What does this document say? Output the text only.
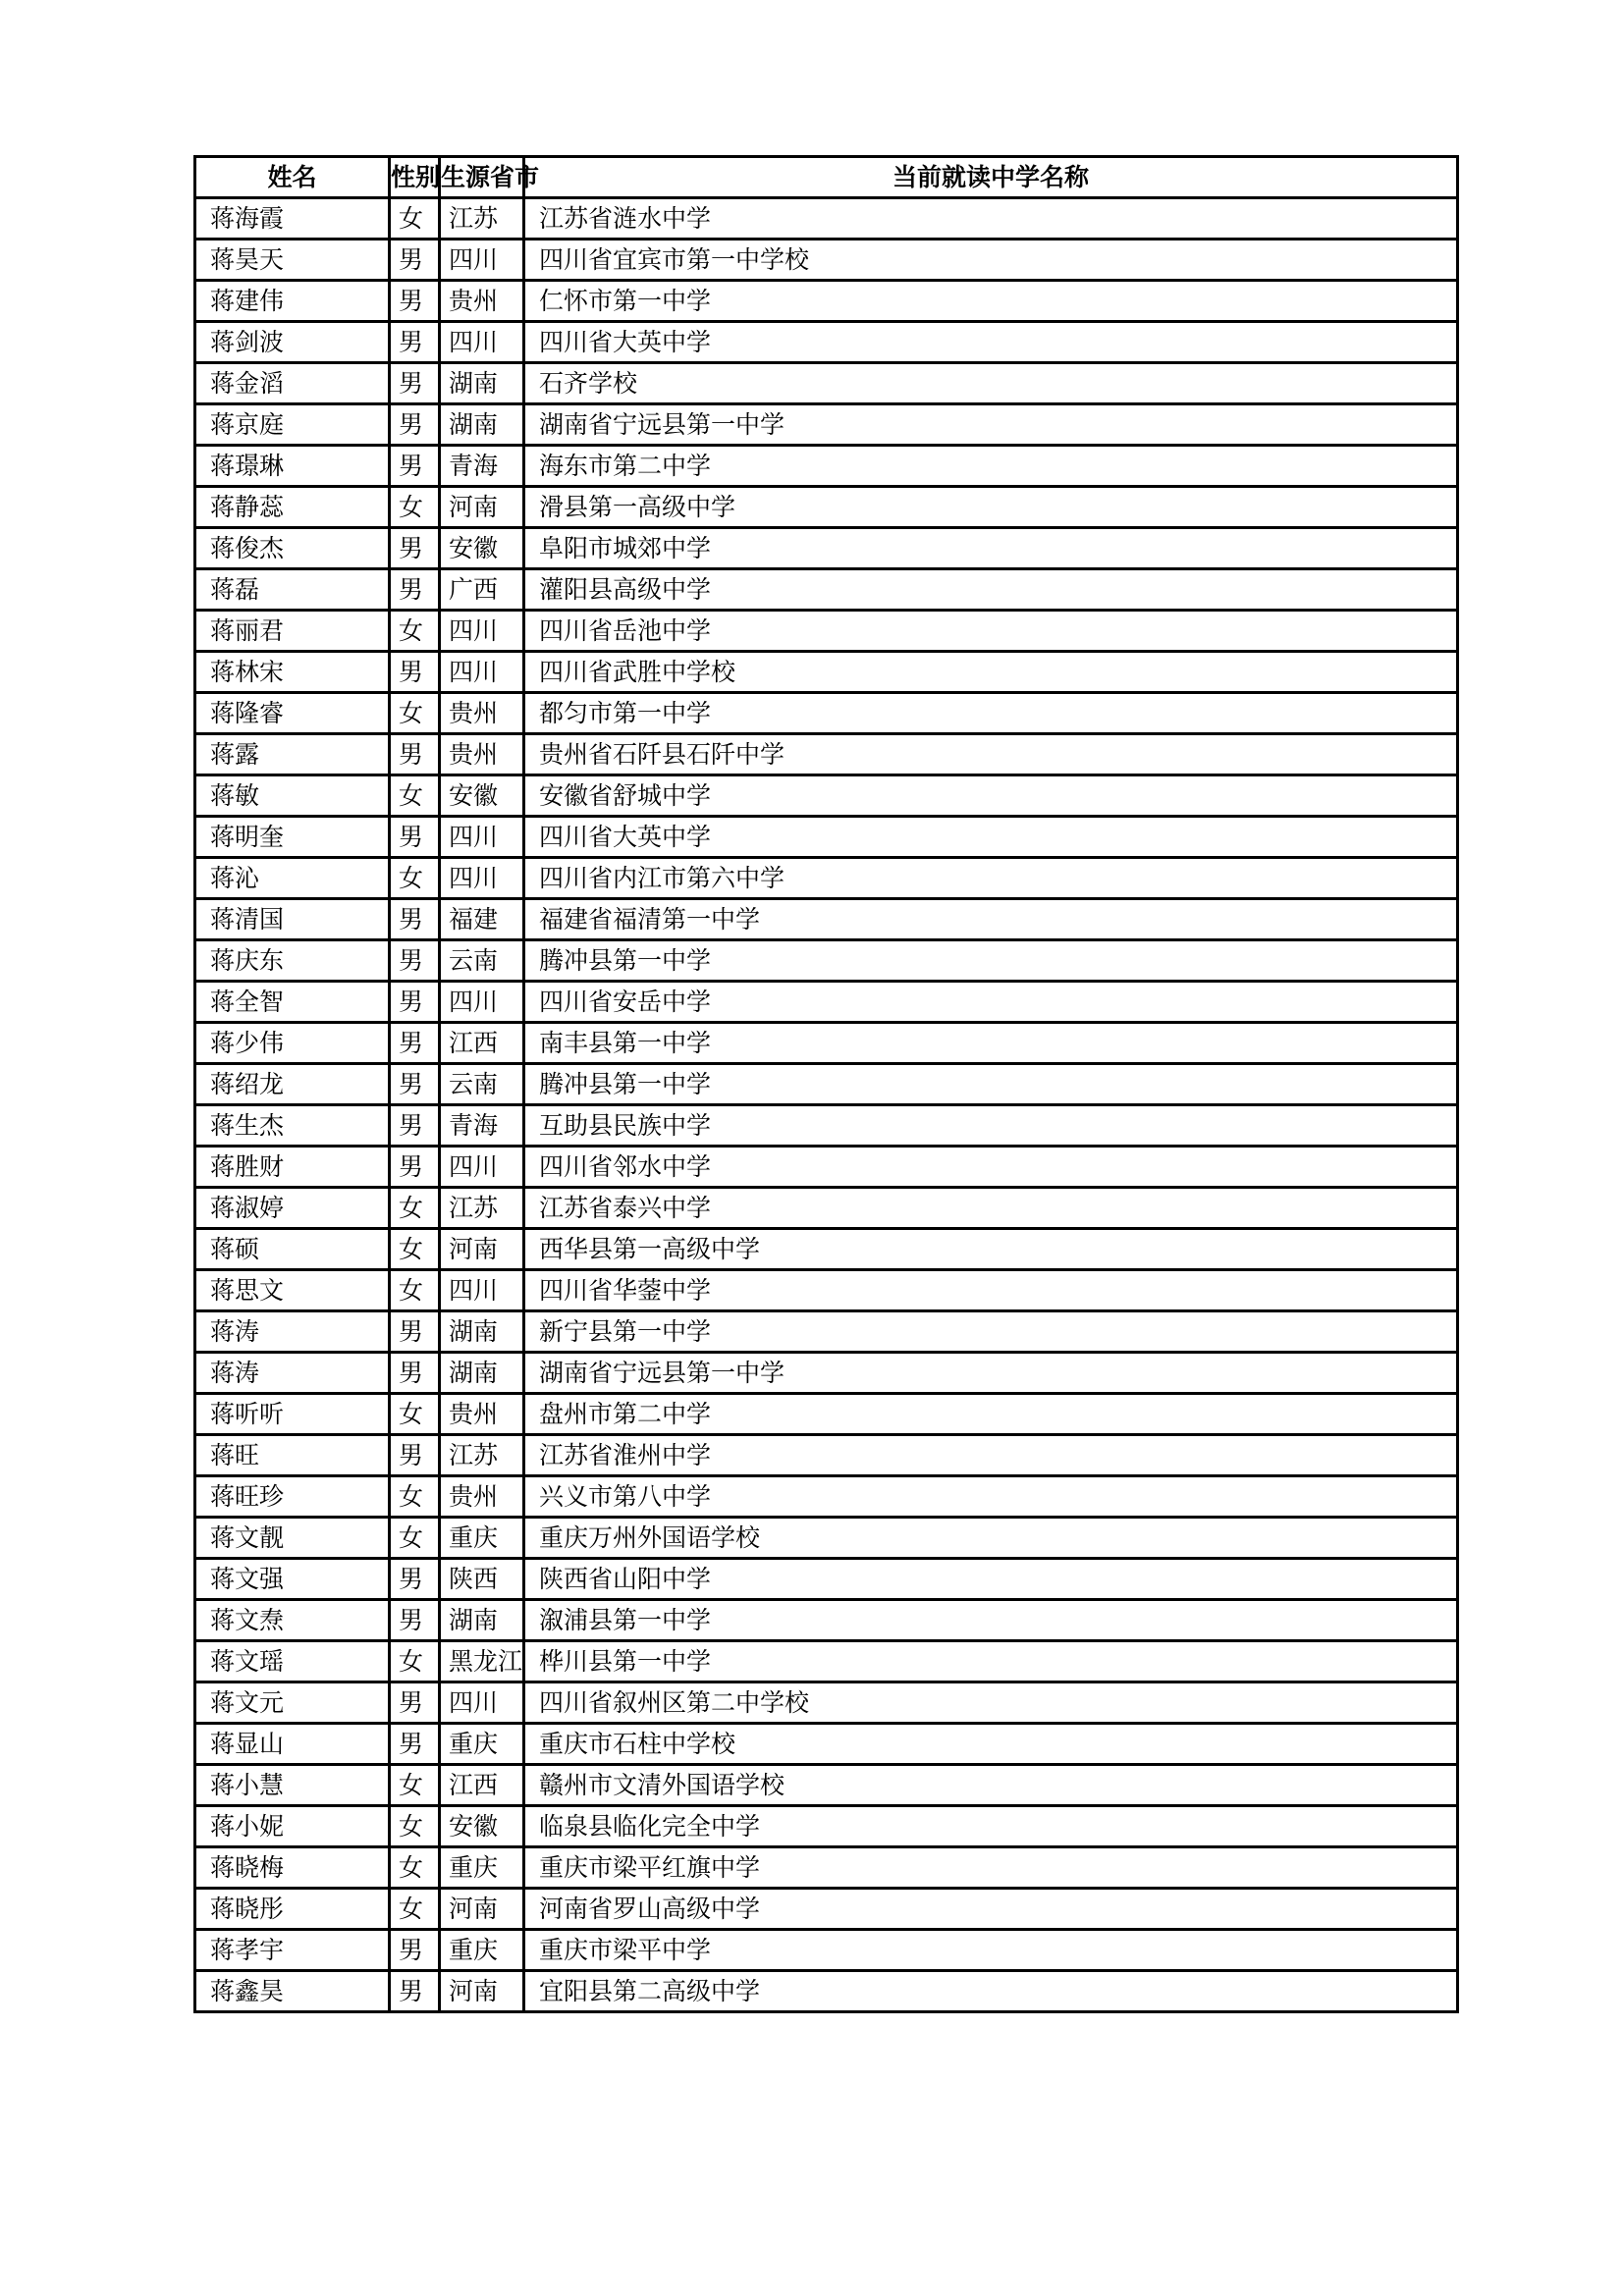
姓名	性别	生源省市	当前就读中学名称
蒋海霞	女	江苏	江苏省涟水中学
蒋昊天	男	四川	四川省宜宾市第一中学校
蒋建伟	男	贵州	仁怀市第一中学
蒋剑波	男	四川	四川省大英中学
蒋金滔	男	湖南	石齐学校
蒋京庭	男	湖南	湖南省宁远县第一中学
蒋璟琳	男	青海	海东市第二中学
蒋静蕊	女	河南	滑县第一高级中学
蒋俊杰	男	安徽	阜阳市城郊中学
蒋磊	男	广西	灌阳县高级中学
蒋丽君	女	四川	四川省岳池中学
蒋林宋	男	四川	四川省武胜中学校
蒋隆睿	女	贵州	都匀市第一中学
蒋露	男	贵州	贵州省石阡县石阡中学
蒋敏	女	安徽	安徽省舒城中学
蒋明奎	男	四川	四川省大英中学
蒋沁	女	四川	四川省内江市第六中学
蒋清国	男	福建	福建省福清第一中学
蒋庆东	男	云南	腾冲县第一中学
蒋全智	男	四川	四川省安岳中学
蒋少伟	男	江西	南丰县第一中学
蒋绍龙	男	云南	腾冲县第一中学
蒋生杰	男	青海	互助县民族中学
蒋胜财	男	四川	四川省邻水中学
蒋淑婷	女	江苏	江苏省泰兴中学
蒋硕	女	河南	西华县第一高级中学
蒋思文	女	四川	四川省华蓥中学
蒋涛	男	湖南	新宁县第一中学
蒋涛	男	湖南	湖南省宁远县第一中学
蒋听听	女	贵州	盘州市第二中学
蒋旺	男	江苏	江苏省淮州中学
蒋旺珍	女	贵州	兴义市第八中学
蒋文靓	女	重庆	重庆万州外国语学校
蒋文强	男	陕西	陕西省山阳中学
蒋文焘	男	湖南	溆浦县第一中学
蒋文瑶	女	黑龙江	桦川县第一中学
蒋文元	男	四川	四川省叙州区第二中学校
蒋显山	男	重庆	重庆市石柱中学校
蒋小慧	女	江西	赣州市文清外国语学校
蒋小妮	女	安徽	临泉县临化完全中学
蒋晓梅	女	重庆	重庆市梁平红旗中学
蒋晓彤	女	河南	河南省罗山高级中学
蒋孝宇	男	重庆	重庆市梁平中学
蒋鑫昊	男	河南	宜阳县第二高级中学
